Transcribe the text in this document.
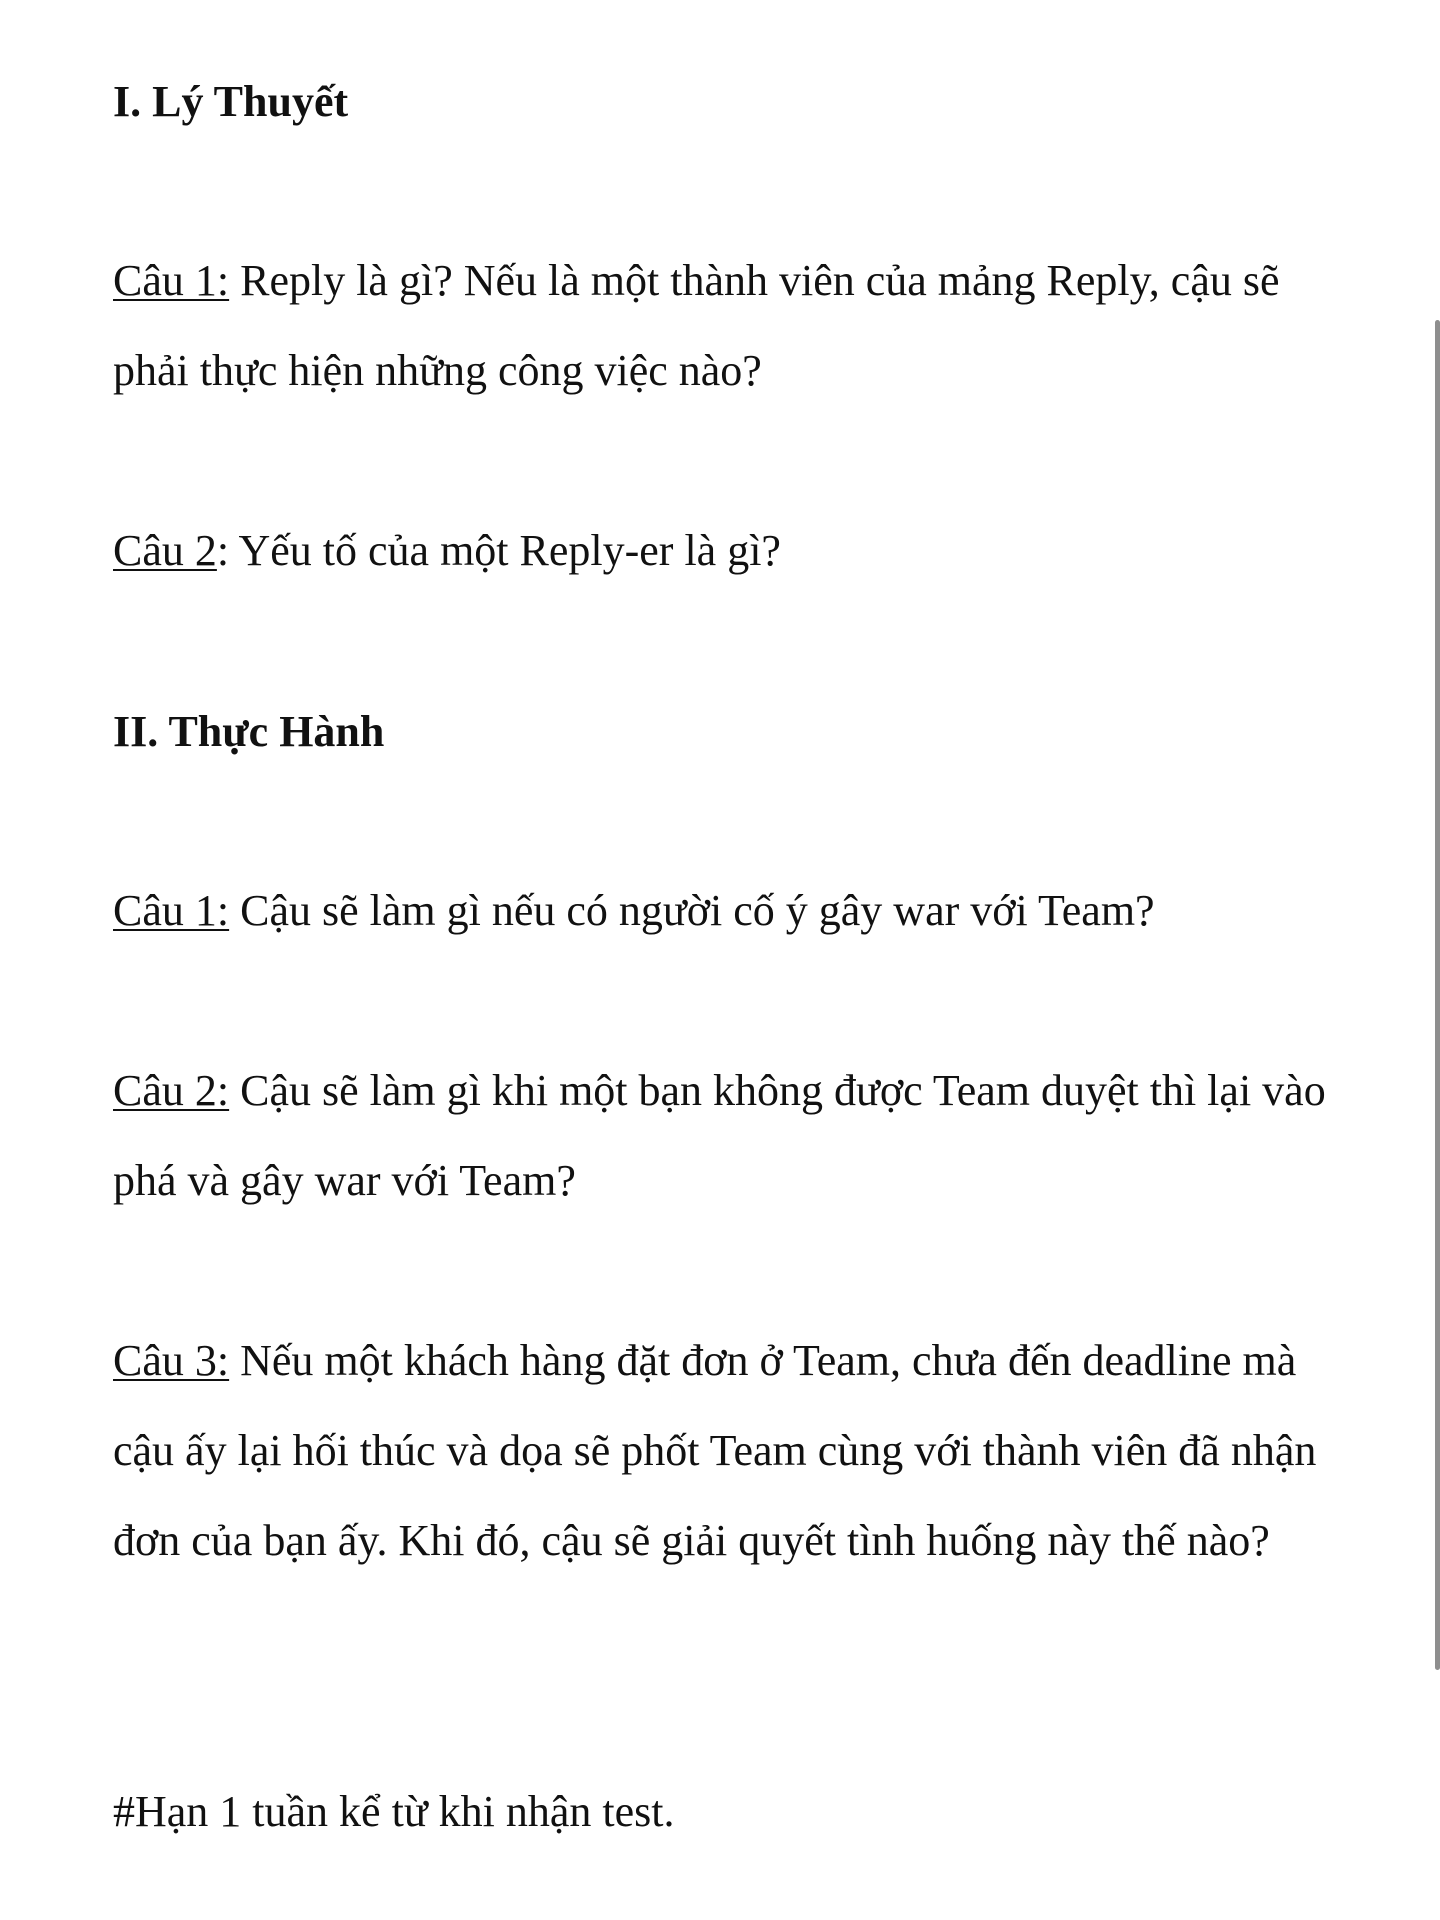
I. Lý Thuyết
Câu 1: Reply là gì? Nếu là một thành viên của mảng Reply, cậu sẽ phải thực hiện những công việc nào?
Câu 2: Yếu tố của một Reply-er là gì?
II. Thực Hành
Câu 1: Cậu sẽ làm gì nếu có người cố ý gây war với Team?
Câu 2: Cậu sẽ làm gì khi một bạn không được Team duyệt thì lại vào phá và gây war với Team?
Câu 3: Nếu một khách hàng đặt đơn ở Team, chưa đến deadline mà cậu ấy lại hối thúc và dọa sẽ phốt Team cùng với thành viên đã nhận đơn của bạn ấy. Khi đó, cậu sẽ giải quyết tình huống này thế nào?
#Hạn 1 tuần kể từ khi nhận test.
